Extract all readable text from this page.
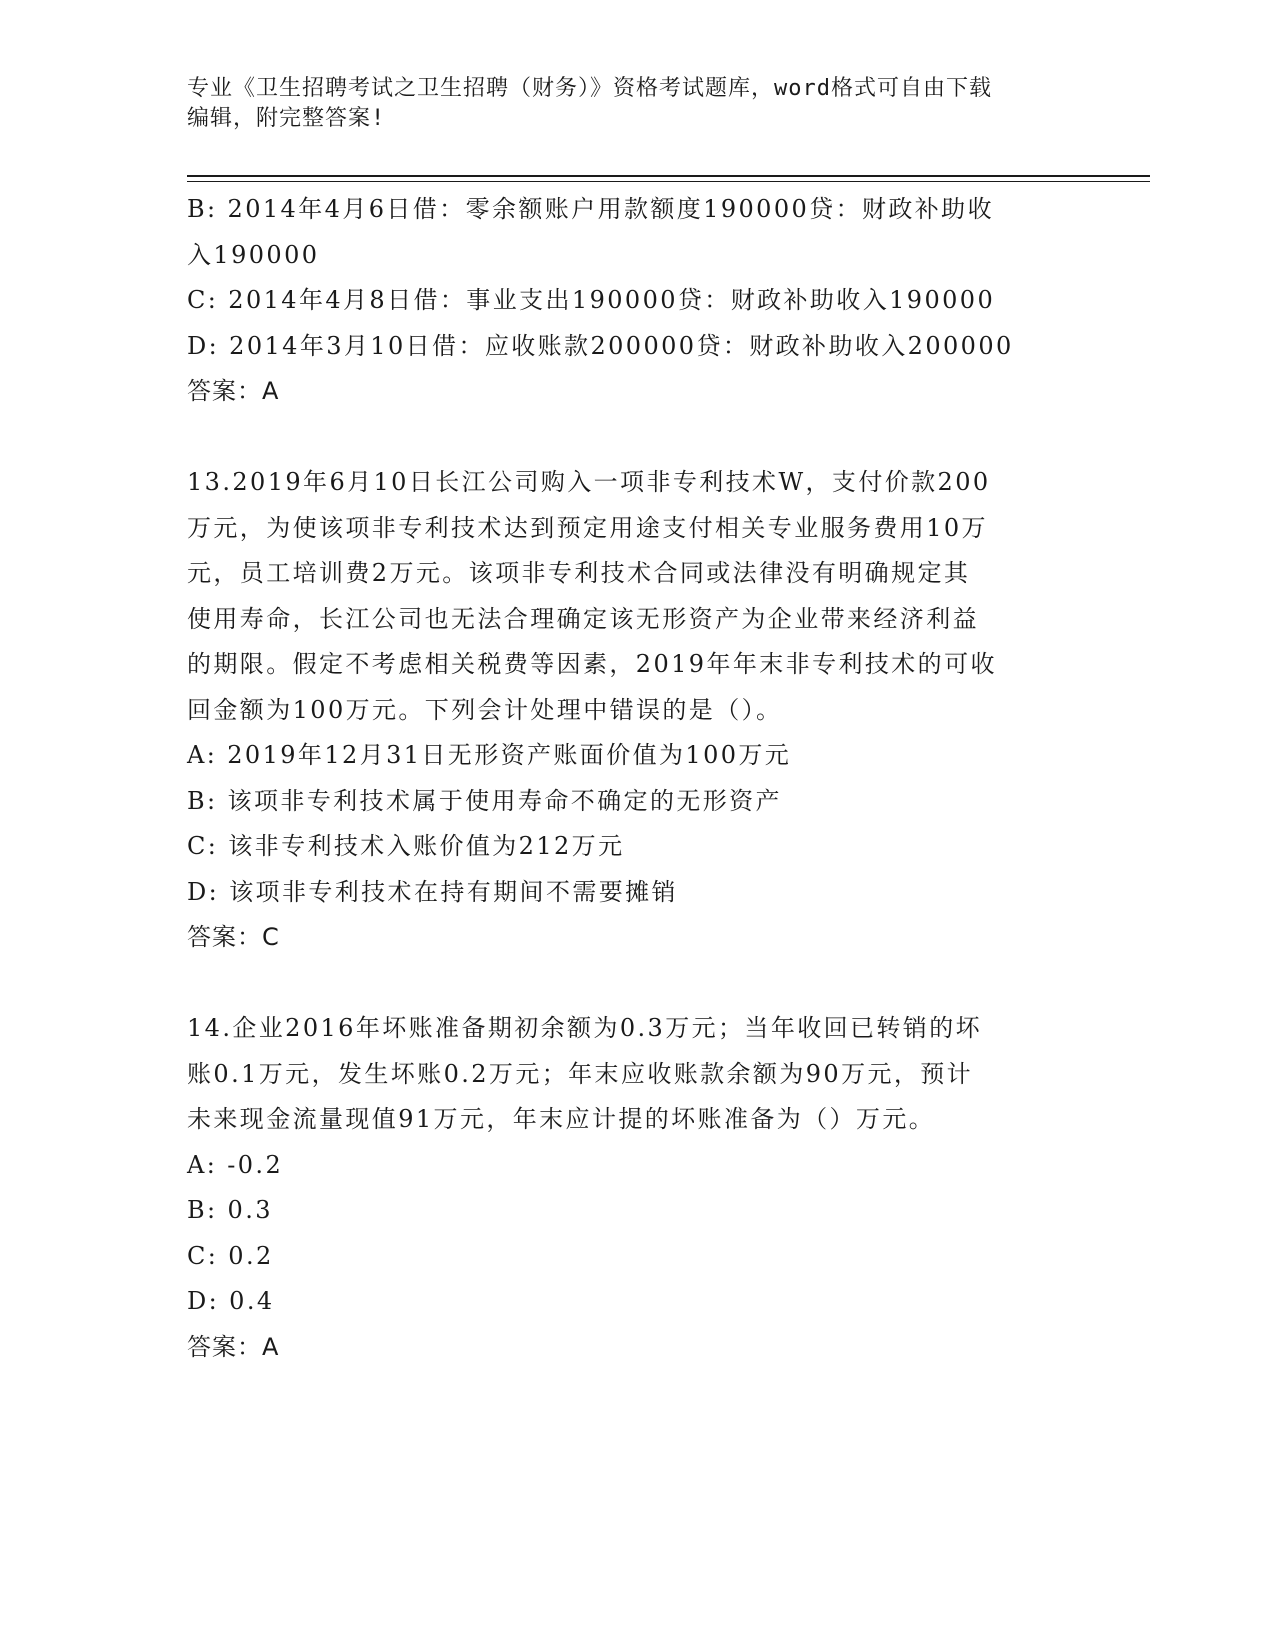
专业《卫生招聘考试之卫生招聘（财务）》资格考试题库，word格式可自由下载
编辑，附完整答案!
B: 2014年4月6日借：零余额账户用款额度190000贷：财政补助收
入190000
C: 2014年4月8日借：事业支出190000贷：财政补助收入190000
D: 2014年3月10日借：应收账款200000贷：财政补助收入200000
答案：A
13.2019年6月10日长江公司购入一项非专利技术W，支付价款200
万元，为使该项非专利技术达到预定用途支付相关专业服务费用10万
元，员工培训费2万元。该项非专利技术合同或法律没有明确规定其
使用寿命，长江公司也无法合理确定该无形资产为企业带来经济利益
的期限。假定不考虑相关税费等因素，2019年年末非专利技术的可收
回金额为100万元。下列会计处理中错误的是（）。
A: 2019年12月31日无形资产账面价值为100万元
B: 该项非专利技术属于使用寿命不确定的无形资产
C: 该非专利技术入账价值为212万元
D: 该项非专利技术在持有期间不需要摊销
答案：C
14.企业2016年坏账准备期初余额为0.3万元；当年收回已转销的坏
账0.1万元，发生坏账0.2万元；年末应收账款余额为90万元，预计
未来现金流量现值91万元，年末应计提的坏账准备为（）万元。
A: -0.2
B: 0.3
C: 0.2
D: 0.4
答案：A
